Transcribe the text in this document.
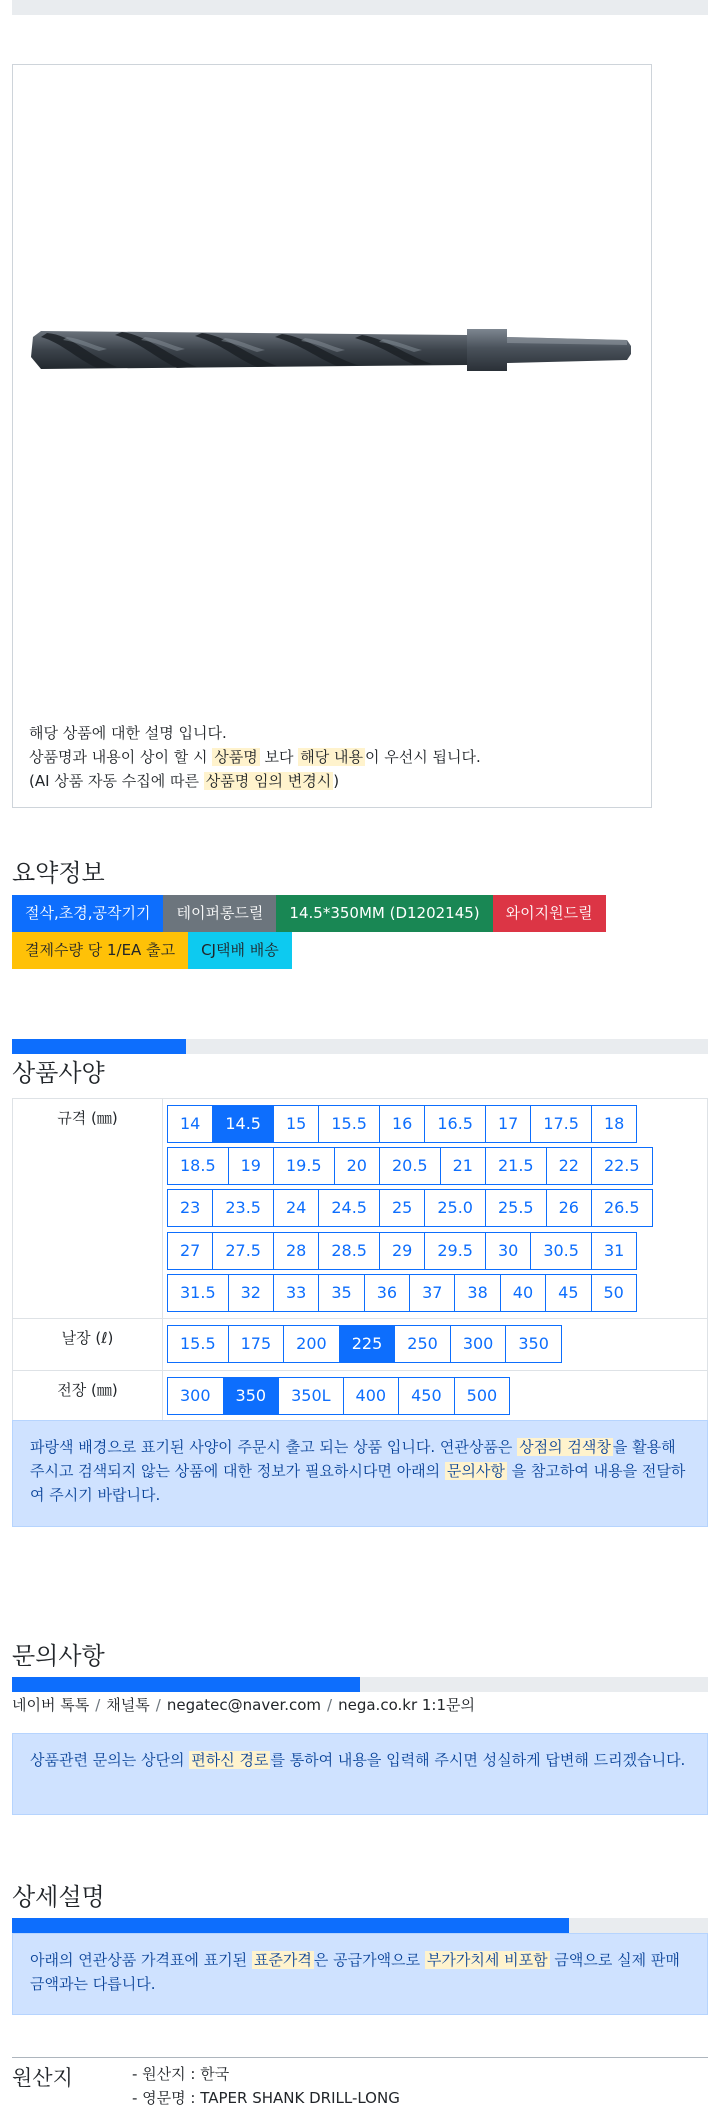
해당 상품에 대한 설명 입니다.
상품명과 내용이 상이 할 시 상품명 보다 해당 내용 이 우선시 됩니다.
(AI 상품 자동 수집에 따른 상품명 임의 변경시 )
요약정보
절삭,초경,공작기기	테이퍼롱드릴	14.5*350MM (D1202145)	와이지원드릴
결제수량 당 1/EA 출고	CJ택배 배송
상품사양
규격 (㎜)	14	14.5	15	15.5	16	16.5	17	17.5	18
18.5	19	19.5	20	20.5	21	21.5	22	22.5
23	23.5	24	24.5	25	25.0	25.5	26	26.5
27	27.5	28	28.5	29	29.5	30	30.5	31
31.5	32	33	35	36	37	38	40	45	50
날장 (ℓ)	15.5	175	200	225	250	300	350
전장 (㎜)	300	350	350L	400	450	500
파랑색 배경으로 표기된 사양이 주문시 출고 되는 상품 입니다. 연관상품은 상점의 검색창 을 활용해 주시고 검색되지 않는 상품에 대한 정보가 필요하시다면 아래의 문의사항 을 참고하여 내용을 전달하여 주시기 바랍니다.
문의사항
네이버 톡톡 / 채널톡 / negatec@naver.com / nega.co.kr 1:1문의
상품관련 문의는 상단의 편하신 경로 를 통하여 내용을 입력해 주시면 성실하게 답변해 드리겠습니다.
상세설명
아래의 연관상품 가격표에 표기된 표준가격 은 공급가액으로 부가가치세 비포함 금액으로 실제 판매금액과는 다릅니다.
원산지	- 원산지 : 한국
- 영문명 : TAPER SHANK DRILL-LONG
